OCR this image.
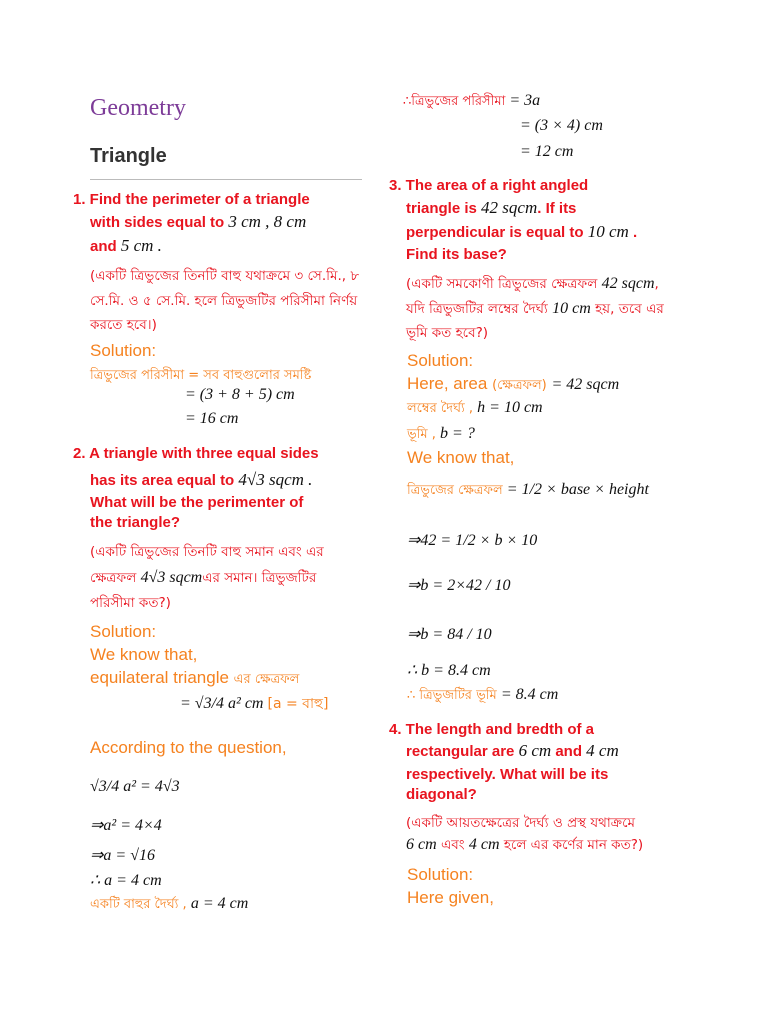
Geometry
Triangle
1. Find the perimeter of a triangle
with sides equal to 3 cm , 8 cm
and 5 cm .
(একটি ত্রিভুজের তিনটি বাহু যথাক্রমে ৩ সে.মি., ৮
সে.মি. ও ৫ সে.মি. হলে ত্রিভুজটির পরিসীমা নির্ণয়
করতে হবে।)
Solution:
ত্রিভুজের পরিসীমা = সব বাহুগুলোর সমষ্টি
= (3 + 8 + 5) cm
= 16 cm
2. A triangle with three equal sides
has its area equal to 4√3 sqcm .
What will be the perimenter of
the triangle?
(একটি ত্রিভুজের তিনটি বাহু সমান এবং এর
ক্ষেত্রফল 4√3 sqcmএর সমান। ত্রিভুজটির
পরিসীমা কত?)
Solution:
We know that,
equilateral triangle এর ক্ষেত্রফল
= √3/4 a² cm [a = বাহু]
According to the question,
√3/4 a² = 4√3
⇒a² = 4×4
⇒a = √16
∴ a = 4 cm
একটি বাহুর দৈর্ঘ্য , a = 4 cm
∴ত্রিভুজের পরিসীমা = 3a
= (3 × 4) cm
= 12 cm
3. The area of a right angled
triangle is 42 sqcm. If its
perpendicular is equal to 10 cm .
Find its base?
(একটি সমকোণী ত্রিভুজের ক্ষেত্রফল 42 sqcm,
যদি ত্রিভুজটির লম্বের দৈর্ঘ্য 10 cm হয়, তবে এর
ভূমি কত হবে?)
Solution:
Here, area (ক্ষেত্রফল) = 42 sqcm
লম্বের দৈর্ঘ্য , h = 10 cm
ভূমি , b = ?
We know that,
ত্রিভুজের ক্ষেত্রফল = 1/2 × base × height
⇒42 = 1/2 × b × 10
⇒b = 2×42 / 10
⇒b = 84 / 10
∴ b = 8.4 cm
∴ ত্রিভুজটির ভূমি = 8.4 cm
4. The length and bredth of a
rectangular are 6 cm and 4 cm
respectively. What will be its
diagonal?
(একটি আয়তক্ষেত্রের দৈর্ঘ্য ও প্রস্থ যথাক্রমে
6 cm এবং 4 cm হলে এর কর্ণের মান কত?)
Solution:
Here given,
